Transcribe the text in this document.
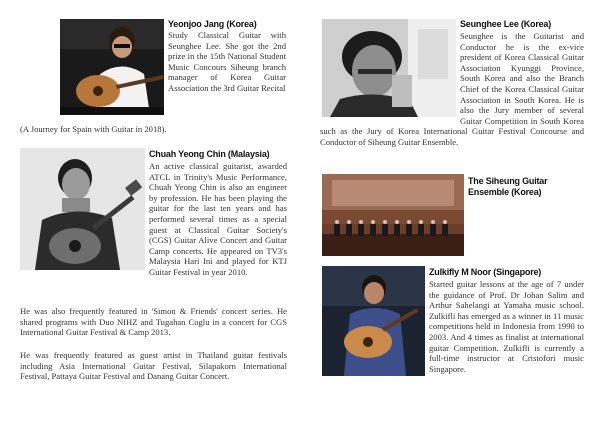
Yeonjoo Jang (Korea)

Study Classical Guitar with Seunghee Lee. She got the 2nd prize in the 15th National Student Music Concours Siheung branch manager of Korea Guitar Association the 3rd Guitar Recital

(A Journey for Spain with Guitar in 2018).

Chuah Yeong Chin (Malaysia)

An active classical guitarist, awarded ATCL in Trinity's Music Performance, Chuah Yeong Chin is also an engineer by profession. He has been playing the guitar for the last ten years and has performed several times as a special guest at Classical Guitar Society's (CGS) Guitar Alive Concert and Guitar Camp concerts. He appeared on TV3's Malaysia Hari Ini and played for KTJ Guitar Festival in year 2010.

He was also frequently featured in 'Simon & Friends' concert series. He shared programs with Duo NIHZ and Tugahan Coglu in a concert for CGS International Guitar Festival & Camp 2013.

He was frequently featured as guest artist in Thailand guitar festivals including Asia International Guitar Festival, Silapakorn International Festival, Pattaya Guitar Festival and Danang Guitar Concert.

Seunghee Lee (Korea)

Seunghee is the Guitarist and Conductor he is the ex-vice president of Korea Classical Guitar Association Kyunggi Province, South Korea and also the Branch Chief of the Korea Classical Guitar Association in South Korea. He is also the Jury member of several Guitar Competition in South Korea such as the Jury of Korea International Guitar Festival Concourse and Conductor of Siheung Guitar Ensemble.

The Siheung Guitar Ensemble (Korea)
Zulkifly M Noor (Singapore)

Started guitar lessons at the age of 7 under the guidance of Prof. Dr Johan Salim and Arthur Sahelangi at Yamaha music school. Zulkifli has emerged as a winner in 11 music competitions held in Indonesia from 1990 to 2003. And 4 times as finalist at international guitar Competition. Zulkifli is currently a full-time instructor at Cristofori music Singapore.
